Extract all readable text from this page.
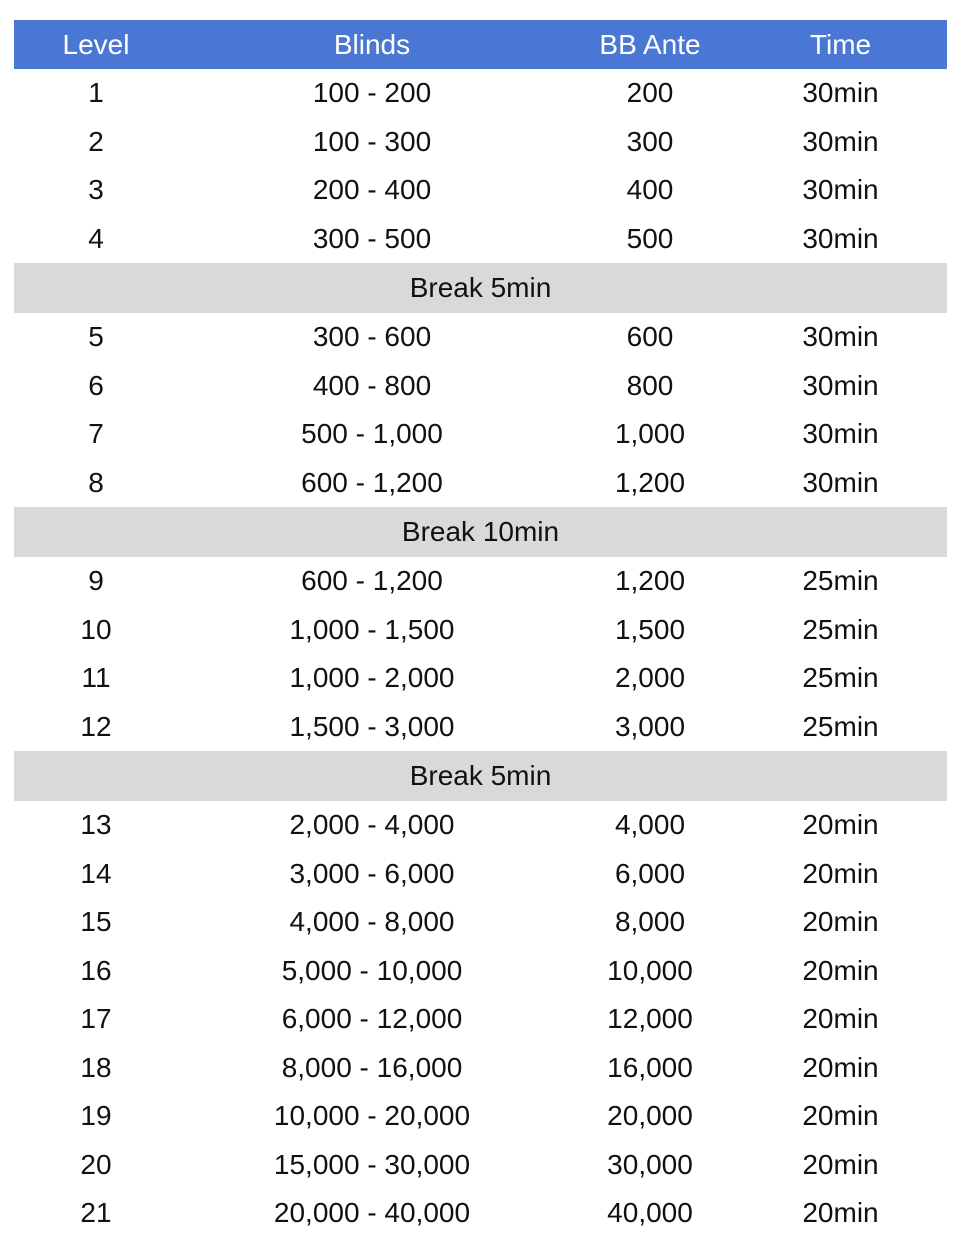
Level	Blinds	BB Ante	Time
1	100 - 200	200	30min
2	100 - 300	300	30min
3	200 - 400	400	30min
4	300 - 500	500	30min
Break 5min
5	300 - 600	600	30min
6	400 - 800	800	30min
7	500 - 1,000	1,000	30min
8	600 - 1,200	1,200	30min
Break 10min
9	600 - 1,200	1,200	25min
10	1,000 - 1,500	1,500	25min
11	1,000 - 2,000	2,000	25min
12	1,500 - 3,000	3,000	25min
Break 5min
13	2,000 - 4,000	4,000	20min
14	3,000 - 6,000	6,000	20min
15	4,000 - 8,000	8,000	20min
16	5,000 - 10,000	10,000	20min
17	6,000 - 12,000	12,000	20min
18	8,000 - 16,000	16,000	20min
19	10,000 - 20,000	20,000	20min
20	15,000 - 30,000	30,000	20min
21	20,000 - 40,000	40,000	20min
